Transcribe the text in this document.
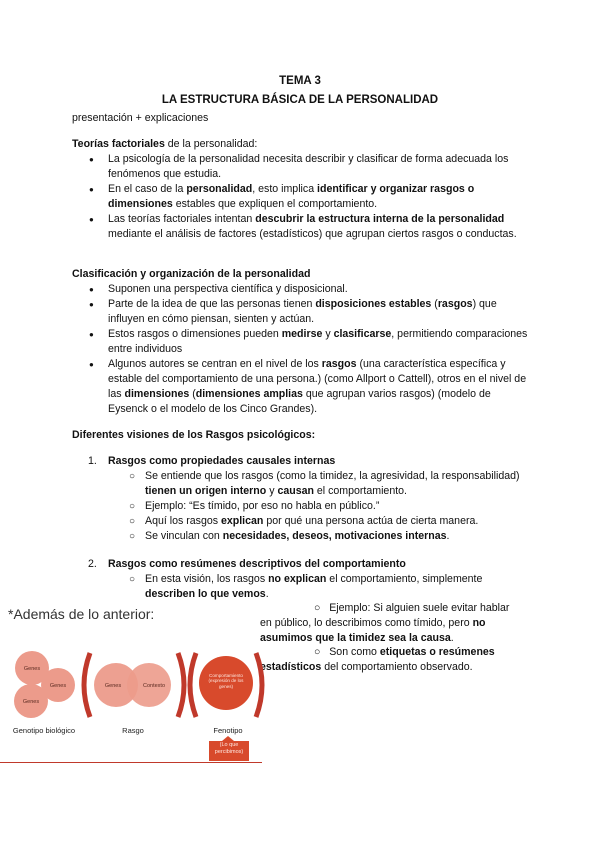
TEMA 3
LA ESTRUCTURA BÁSICA DE LA PERSONALIDAD
presentación + explicaciones
Teorías factoriales de la personalidad:
● La psicología de la personalidad necesita describir y clasificar de forma adecuada los fenómenos que estudia.
● En el caso de la personalidad, esto implica identificar y organizar rasgos o dimensiones estables que expliquen el comportamiento.
● Las teorías factoriales intentan descubrir la estructura interna de la personalidad mediante el análisis de factores (estadísticos) que agrupan ciertos rasgos o conductas.
Clasificación y organización de la personalidad
● Suponen una perspectiva científica y disposicional.
● Parte de la idea de que las personas tienen disposiciones estables (rasgos) que influyen en cómo piensan, sienten y actúan.
● Estos rasgos o dimensiones pueden medirse y clasificarse, permitiendo comparaciones entre individuos
● Algunos autores se centran en el nivel de los rasgos (una característica específica y estable del comportamiento de una persona.) (como Allport o Cattell), otros en el nivel de las dimensiones (dimensiones amplias que agrupan varios rasgos) (modelo de Eysenck o el modelo de los Cinco Grandes).
Diferentes visiones de los Rasgos psicológicos:
1. Rasgos como propiedades causales internas
○ Se entiende que los rasgos (como la timidez, la agresividad, la responsabilidad) tienen un origen interno y causan el comportamiento.
○ Ejemplo: “Es tímido, por eso no habla en público.”
○ Aquí los rasgos explican por qué una persona actúa de cierta manera.
○ Se vinculan con necesidades, deseos, motivaciones internas.
2. Rasgos como resúmenes descriptivos del comportamiento
○ En esta visión, los rasgos no explican el comportamiento, simplemente describen lo que vemos.
○   Ejemplo: Si alguien suele evitar hablar en público, lo describimos como tímido, pero no asumimos que la timidez sea la causa.
○   Son como etiquetas o resúmenes estadísticos del comportamiento observado.
*Además de lo anterior:
Genes
Genes
Genes
Genotipo biológico
Genes	Contexto
Rasgo
Comportamiento (expresión de los genes)
Fenotipo
(Lo que percibimos)
